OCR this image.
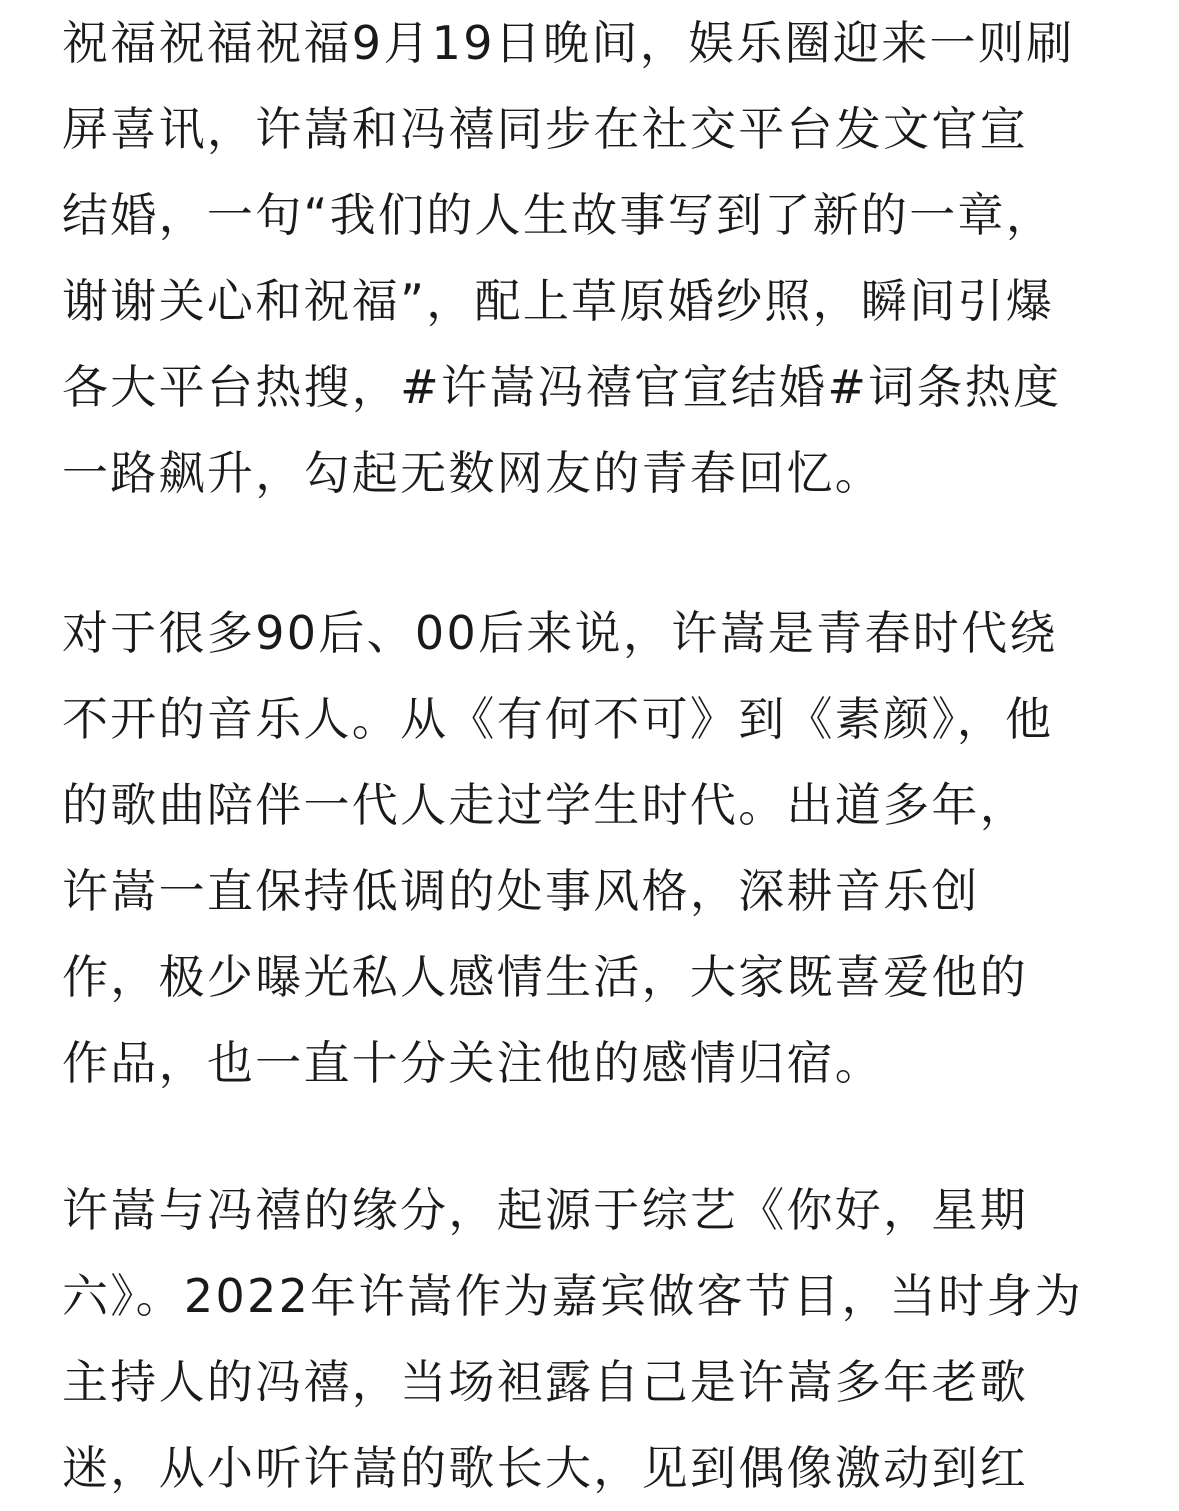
祝福祝福祝福9月19日晚间，娱乐圈迎来一则刷
屏喜讯，许嵩和冯禧同步在社交平台发文官宣
结婚，一句“我们的人生故事写到了新的一章，
谢谢关心和祝福”，配上草原婚纱照，瞬间引爆
各大平台热搜，#许嵩冯禧官宣结婚#词条热度
一路飙升，勾起无数网友的青春回忆。
对于很多90后、00后来说，许嵩是青春时代绕
不开的音乐人。从《有何不可》到《素颜》，他
的歌曲陪伴一代人走过学生时代。出道多年，
许嵩一直保持低调的处事风格，深耕音乐创
作，极少曝光私人感情生活，大家既喜爱他的
作品，也一直十分关注他的感情归宿。
许嵩与冯禧的缘分，起源于综艺《你好，星期
六》。2022年许嵩作为嘉宾做客节目，当时身为
主持人的冯禧，当场袒露自己是许嵩多年老歌
迷，从小听许嵩的歌长大，见到偶像激动到红
